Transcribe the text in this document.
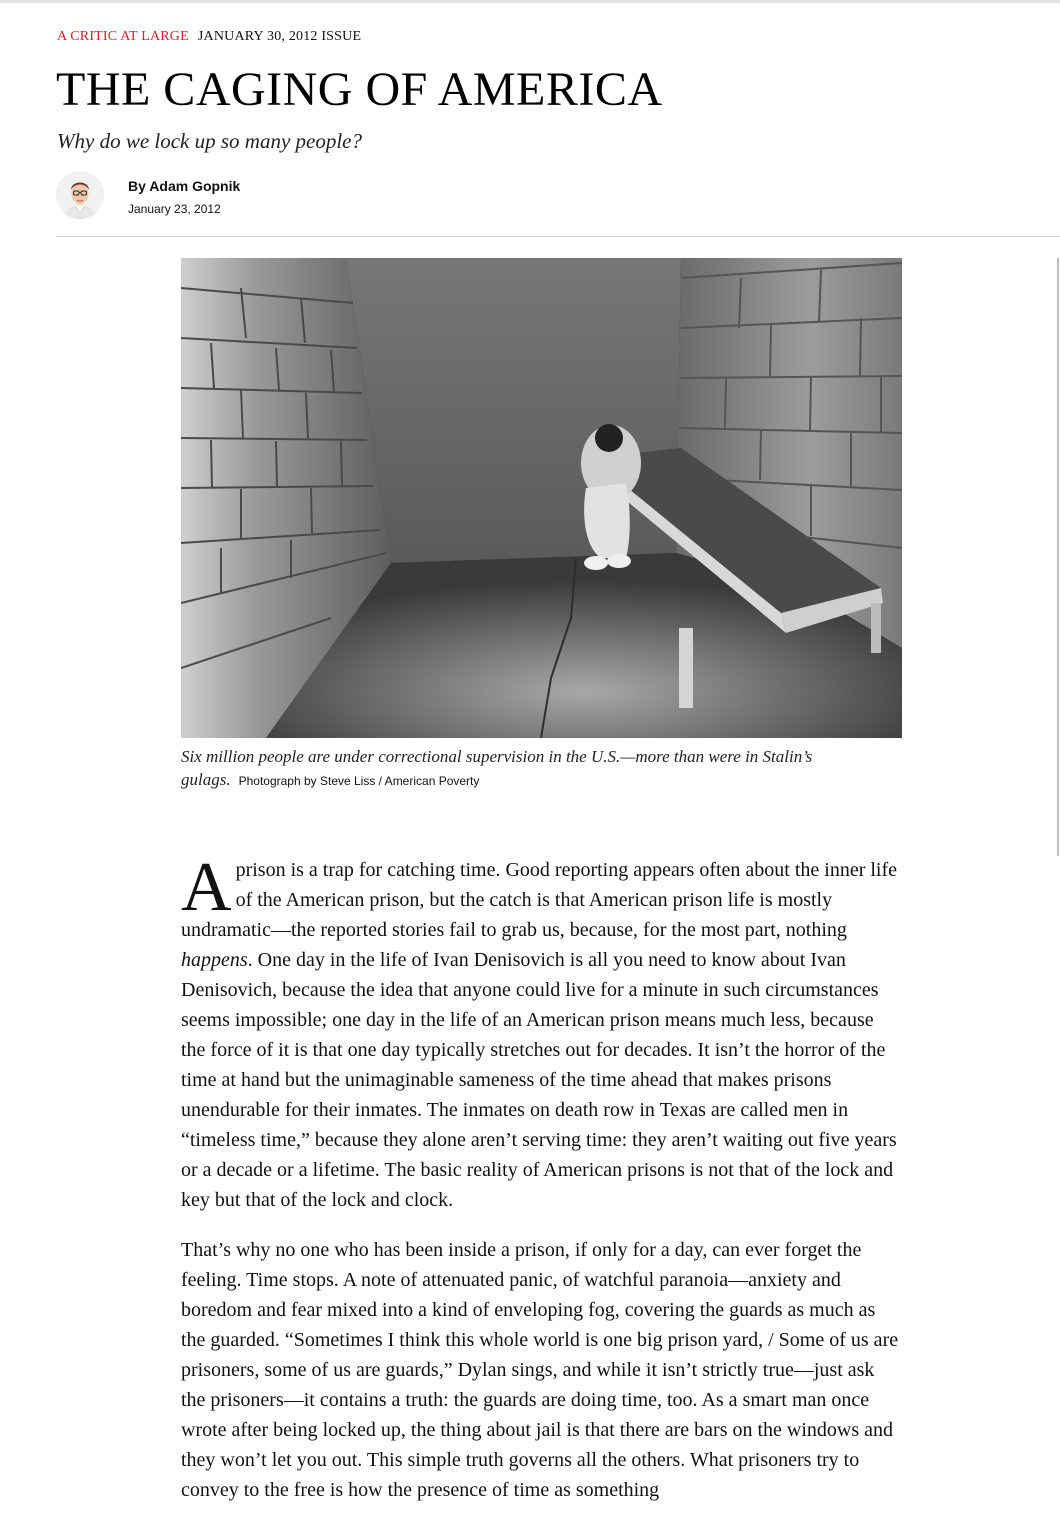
A CRITIC AT LARGE JANUARY 30, 2012 ISSUE
THE CAGING OF AMERICA

Why do we lock up so many people?

By Adam Gopnik
January 23, 2012

Six million people are under correctional supervision in the U.S.—more than were in Stalin’s gulags. Photograph by Steve Liss / American Poverty

A prison is a trap for catching time. Good reporting appears often about the inner life of the American prison, but the catch is that American prison life is mostly undramatic—the reported stories fail to grab us, because, for the most part, nothing happens. One day in the life of Ivan Denisovich is all you need to know about Ivan Denisovich, because the idea that anyone could live for a minute in such circumstances seems impossible; one day in the life of an American prison means much less, because the force of it is that one day typically stretches out for decades. It isn’t the horror of the time at hand but the unimaginable sameness of the time ahead that makes prisons unendurable for their inmates. The inmates on death row in Texas are called men in “timeless time,” because they alone aren’t serving time: they aren’t waiting out five years or a decade or a lifetime. The basic reality of American prisons is not that of the lock and key but that of the lock and clock.

That’s why no one who has been inside a prison, if only for a day, can ever forget the feeling. Time stops. A note of attenuated panic, of watchful paranoia—anxiety and boredom and fear mixed into a kind of enveloping fog, covering the guards as much as the guarded. “Sometimes I think this whole world is one big prison yard, / Some of us are prisoners, some of us are guards,” Dylan sings, and while it isn’t strictly true—just ask the prisoners—it contains a truth: the guards are doing time, too. As a smart man once wrote after being locked up, the thing about jail is that there are bars on the windows and they won’t let you out. This simple truth governs all the others. What prisoners try to convey to the free is how the presence of time as something
